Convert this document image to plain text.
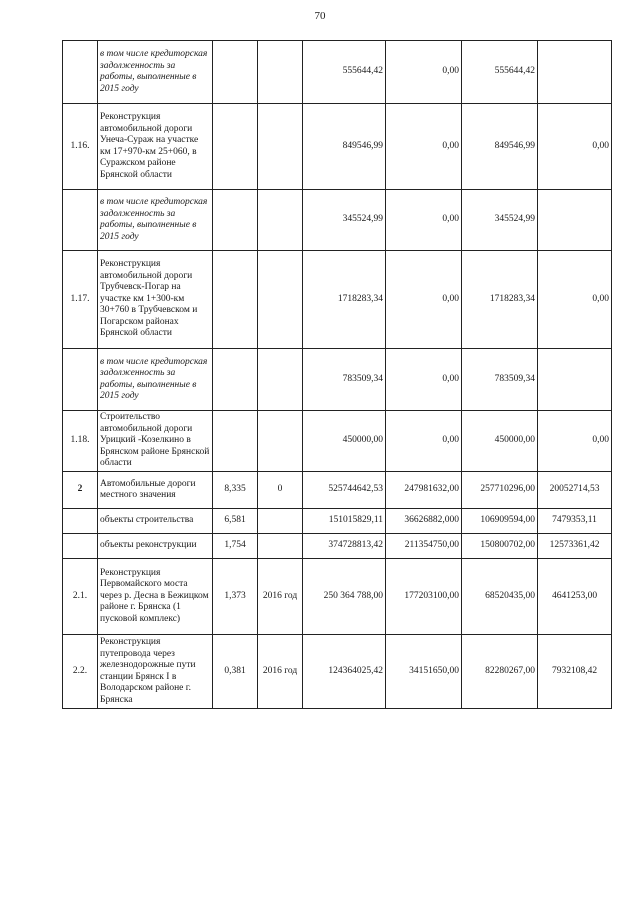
70
	в том числе кредиторская задолженность за работы, выполненные в 2015 году			555644,42	0,00	555644,42	
1.16.	Реконструкция автомобильной дороги Унеча-Сураж на участке км 17+970-км 25+060, в Суражском районе Брянской области			849546,99	0,00	849546,99	0,00
	в том числе кредиторская задолженность за работы, выполненные в 2015 году			345524,99	0,00	345524,99	
1.17.	Реконструкция автомобильной дороги Трубчевск-Погар на участке км 1+300-км 30+760 в Трубчевском и Погарском районах Брянской области			1718283,34	0,00	1718283,34	0,00
	в том числе кредиторская задолженность за работы, выполненные в 2015 году			783509,34	0,00	783509,34	
1.18.	Строительство автомобильной дороги Урицкий -Козелкино в Брянском районе Брянской области			450000,00	0,00	450000,00	0,00
2	Автомобильные дороги местного значения	8,335	0	525744642,53	247981632,00	257710296,00	20052714,53
	объекты строительства	6,581		151015829,11	36626882,000	106909594,00	7479353,11
	объекты реконструкции	1,754		374728813,42	211354750,00	150800702,00	12573361,42
2.1.	Реконструкция Первомайского моста через р. Десна в Бежицком районе г. Брянска (1 пусковой комплекс)	1,373	2016 год	250 364 788,00	177203100,00	68520435,00	4641253,00
2.2.	Реконструкция путепровода через железнодорожные пути станции Брянск I в Володарском районе г. Брянска	0,381	2016 год	124364025,42	34151650,00	82280267,00	7932108,42
